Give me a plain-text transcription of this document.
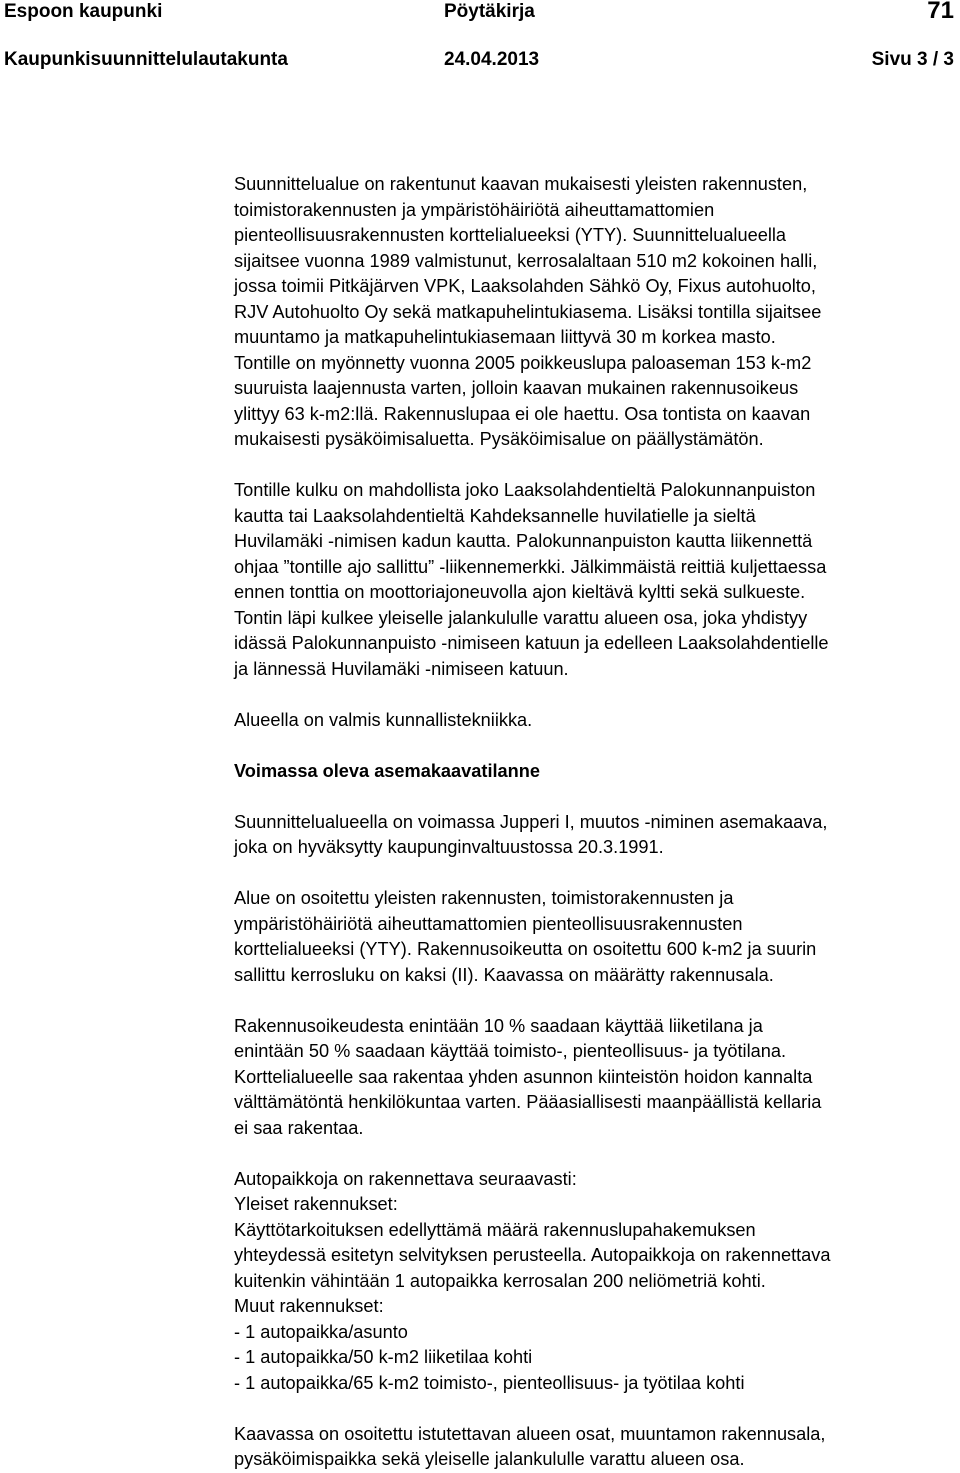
Espoon kaupunki	Pöytäkirja	71
Kaupunkisuunnittelulautakunta	24.04.2013	Sivu 3 / 3

Suunnittelualue on rakentunut kaavan mukaisesti yleisten rakennusten,

toimistorakennusten ja ympäristöhäiriötä aiheuttamattomien

pienteollisuusrakennusten korttelialueeksi (YTY). Suunnittelualueella

sijaitsee vuonna 1989 valmistunut, kerrosalaltaan 510 m2 kokoinen halli,

jossa toimii Pitkäjärven VPK, Laaksolahden Sähkö Oy, Fixus autohuolto,

RJV Autohuolto Oy sekä matkapuhelintukiasema. Lisäksi tontilla sijaitsee

muuntamo ja matkapuhelintukiasemaan liittyvä 30 m korkea masto.

Tontille on myönnetty vuonna 2005 poikkeuslupa paloaseman 153 k-m2

suuruista laajennusta varten, jolloin kaavan mukainen rakennusoikeus

ylittyy 63 k-m2:llä. Rakennuslupaa ei ole haettu. Osa tontista on kaavan

mukaisesti pysäköimisaluetta. Pysäköimisalue on päällystämätön.

Tontille kulku on mahdollista joko Laaksolahdentieltä Palokunnanpuiston

kautta tai Laaksolahdentieltä Kahdeksannelle huvilatielle ja sieltä

Huvilamäki -nimisen kadun kautta. Palokunnanpuiston kautta liikennettä

ohjaa ”tontille ajo sallittu” -liikennemerkki. Jälkimmäistä reittiä kuljettaessa

ennen tonttia on moottoriajoneuvolla ajon kieltävä kyltti sekä sulkueste.

Tontin läpi kulkee yleiselle jalankululle varattu alueen osa, joka yhdistyy

idässä Palokunnanpuisto -nimiseen katuun ja edelleen Laaksolahdentielle

ja lännessä Huvilamäki -nimiseen katuun.

Alueella on valmis kunnallistekniikka.

Voimassa oleva asemakaavatilanne

Suunnittelualueella on voimassa Jupperi I, muutos -niminen asemakaava,

joka on hyväksytty kaupunginvaltuustossa 20.3.1991.

Alue on osoitettu yleisten rakennusten, toimistorakennusten ja

ympäristöhäiriötä aiheuttamattomien pienteollisuusrakennusten

korttelialueeksi (YTY). Rakennusoikeutta on osoitettu 600 k-m2 ja suurin

sallittu kerrosluku on kaksi (II). Kaavassa on määrätty rakennusala.

Rakennusoikeudesta enintään 10 % saadaan käyttää liiketilana ja

enintään 50 % saadaan käyttää toimisto-, pienteollisuus- ja työtilana.

Korttelialueelle saa rakentaa yhden asunnon kiinteistön hoidon kannalta

välttämätöntä henkilökuntaa varten. Pääasiallisesti maanpäällistä kellaria

ei saa rakentaa.

Autopaikkoja on rakennettava seuraavasti:

Yleiset rakennukset:

Käyttötarkoituksen edellyttämä määrä rakennuslupahakemuksen

yhteydessä esitetyn selvityksen perusteella. Autopaikkoja on rakennettava

kuitenkin vähintään 1 autopaikka kerrosalan 200 neliömetriä kohti.

Muut rakennukset:

- 1 autopaikka/asunto

- 1 autopaikka/50 k-m2 liiketilaa kohti

- 1 autopaikka/65 k-m2 toimisto-, pienteollisuus- ja työtilaa kohti

Kaavassa on osoitettu istutettavan alueen osat, muuntamon rakennusala,

pysäköimispaikka sekä yleiselle jalankululle varattu alueen osa.
